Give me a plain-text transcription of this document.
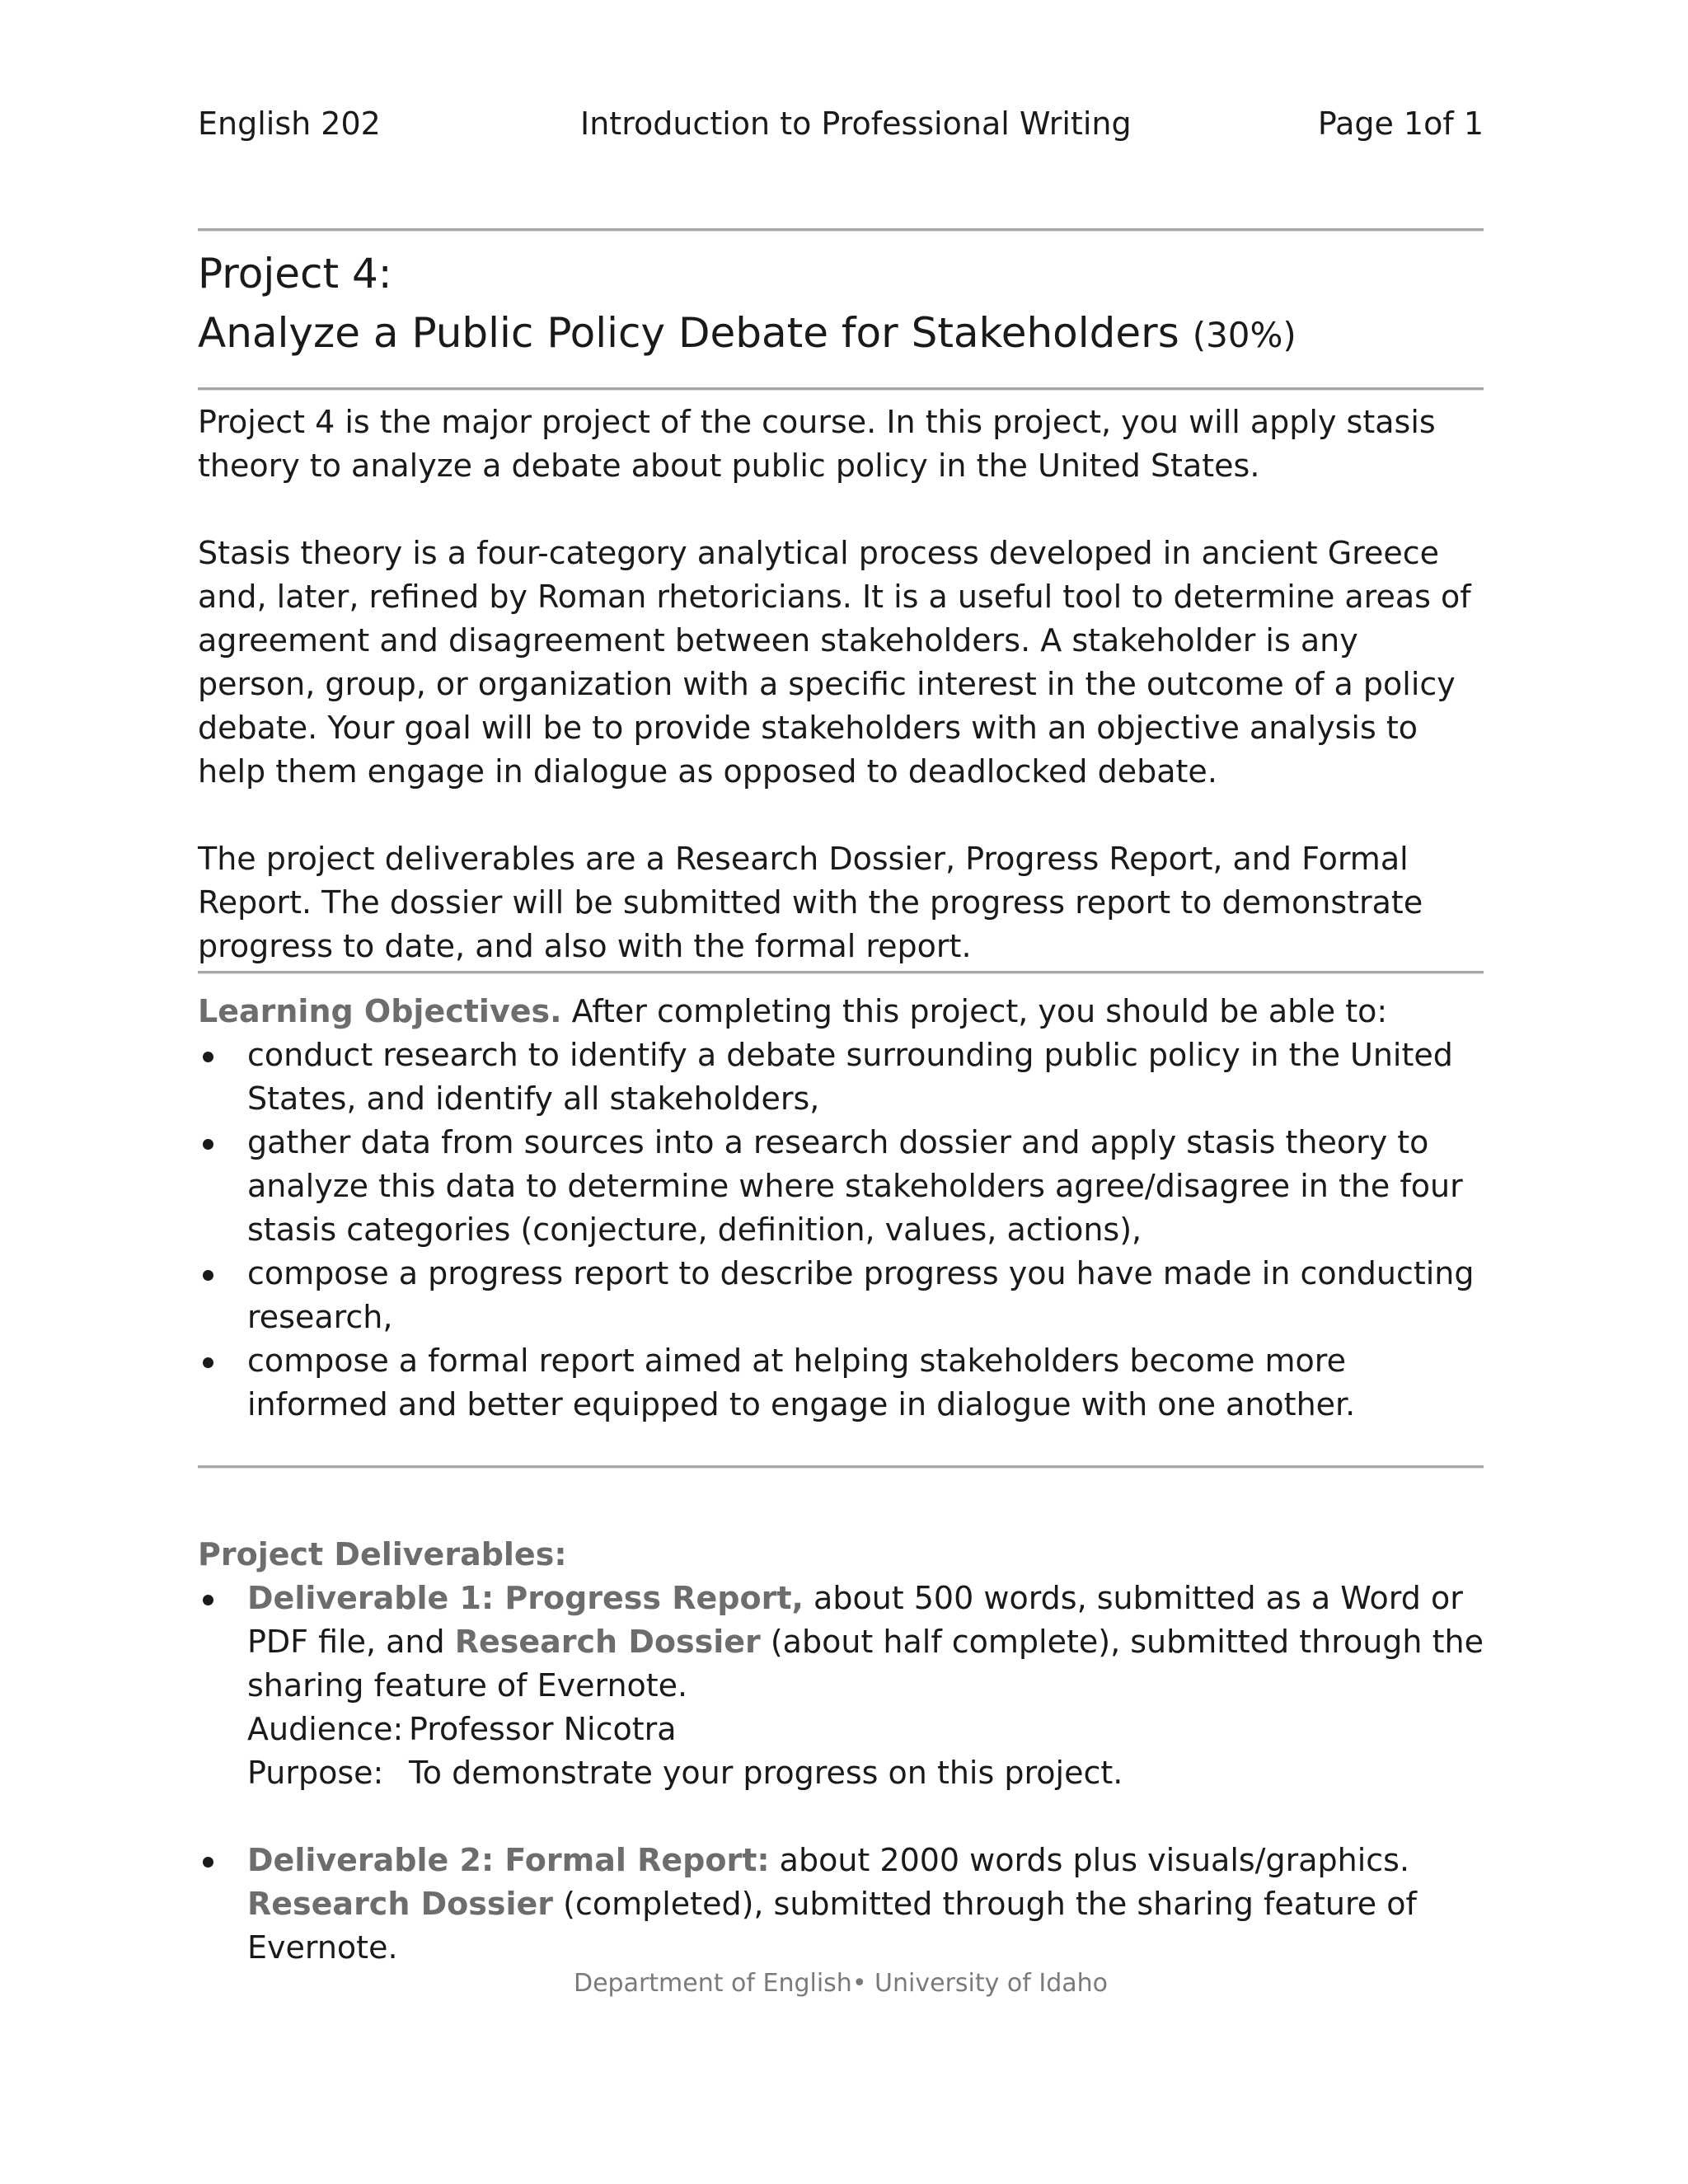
English 202	Introduction to Professional Writing	Page 1of 1
Project 4:
Analyze a Public Policy Debate for Stakeholders (30%)

Project 4 is the major project of the course. In this project, you will apply stasis theory to analyze a debate about public policy in the United States.

Stasis theory is a four-category analytical process developed in ancient Greece and, later, refined by Roman rhetoricians. It is a useful tool to determine areas of agreement and disagreement between stakeholders. A stakeholder is any person, group, or organization with a specific interest in the outcome of a policy debate. Your goal will be to provide stakeholders with an objective analysis to help them engage in dialogue as opposed to deadlocked debate.

The project deliverables are a Research Dossier, Progress Report, and Formal Report. The dossier will be submitted with the progress report to demonstrate progress to date, and also with the formal report.

Learning Objectives. After completing this project, you should be able to:

conduct research to identify a debate surrounding public policy in the United States, and identify all stakeholders,
gather data from sources into a research dossier and apply stasis theory to analyze this data to determine where stakeholders agree/disagree in the four stasis categories (conjecture, definition, values, actions),
compose a progress report to describe progress you have made in conducting research,
compose a formal report aimed at helping stakeholders become more informed and better equipped to engage in dialogue with one another.

Project Deliverables:

Deliverable 1: Progress Report, about 500 words, submitted as a Word or PDF file, and Research Dossier (about half complete), submitted through the sharing feature of Evernote.
Audience: Professor Nicotra
Purpose: To demonstrate your progress on this project.
Deliverable 2: Formal Report: about 2000 words plus visuals/graphics. Research Dossier (completed), submitted through the sharing feature of Evernote.
Department of English• University of Idaho
